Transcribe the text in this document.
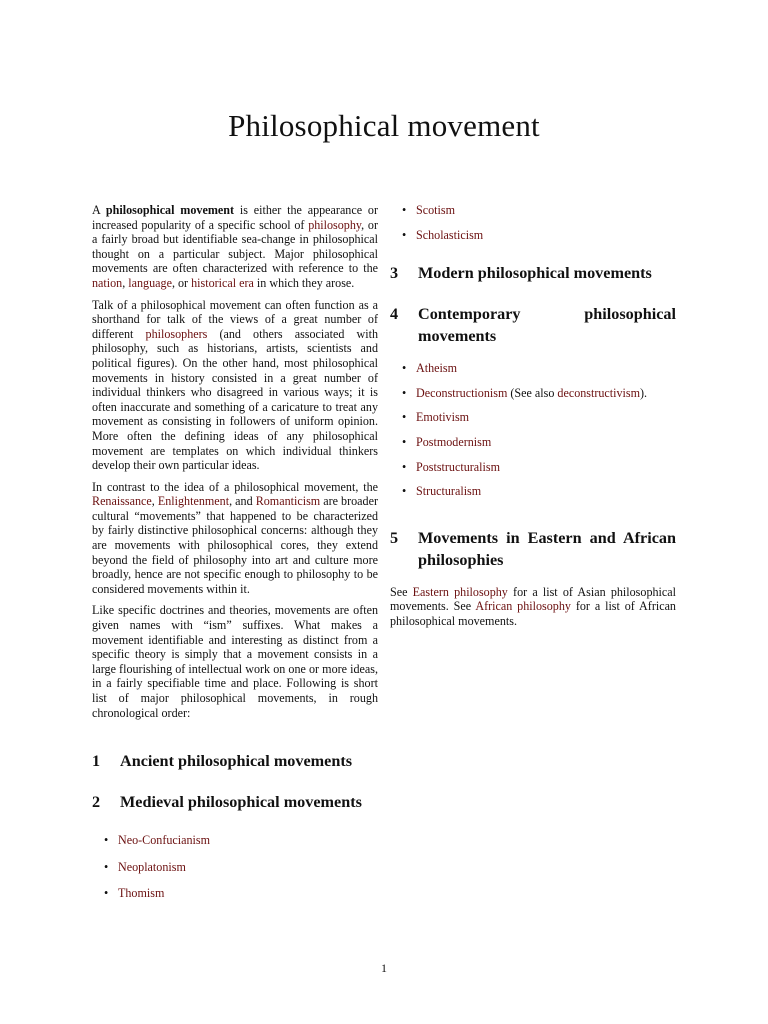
Philosophical movement

A philosophical movement is either the appearance or increased popularity of a specific school of philosophy, or a fairly broad but identifiable sea-change in philosophical thought on a particular subject. Major philosophical movements are often characterized with reference to the nation, language, or historical era in which they arose.

Talk of a philosophical movement can often function as a shorthand for talk of the views of a great number of different philosophers (and others associated with philosophy, such as historians, artists, scientists and political figures). On the other hand, most philosophical movements in history consisted in a great number of individual thinkers who disagreed in various ways; it is often inaccurate and something of a caricature to treat any movement as consisting in followers of uniform opinion. More often the defining ideas of any philosophical movement are templates on which individual thinkers develop their own particular ideas.

In contrast to the idea of a philosophical movement, the Renaissance, Enlightenment, and Romanticism are broader cultural “movements” that happened to be characterized by fairly distinctive philosophical concerns: although they are movements with philosophical cores, they extend beyond the field of philosophy into art and culture more broadly, hence are not specific enough to philosophy to be considered movements within it.

Like specific doctrines and theories, movements are often given names with “ism” suffixes. What makes a movement identifiable and interesting as distinct from a specific theory is simply that a movement consists in a large flourishing of intellectual work on one or more ideas, in a fairly specifiable time and place. Following is short list of major philosophical movements, in rough chronological order:

1	Ancient philosophical movements
2	Medieval philosophical movements
• Neo-Confucianism
• Neoplatonism
• Thomism
• Scotism
• Scholasticism
3	Modern philosophical movements
4	Contemporary philosophical movements
• Atheism
• Deconstructionism (See also deconstructivism).
• Emotivism
• Postmodernism
• Poststructuralism
• Structuralism
5	Movements in Eastern and African philosophies

See Eastern philosophy for a list of Asian philosophical movements. See African philosophy for a list of African philosophical movements.

1
